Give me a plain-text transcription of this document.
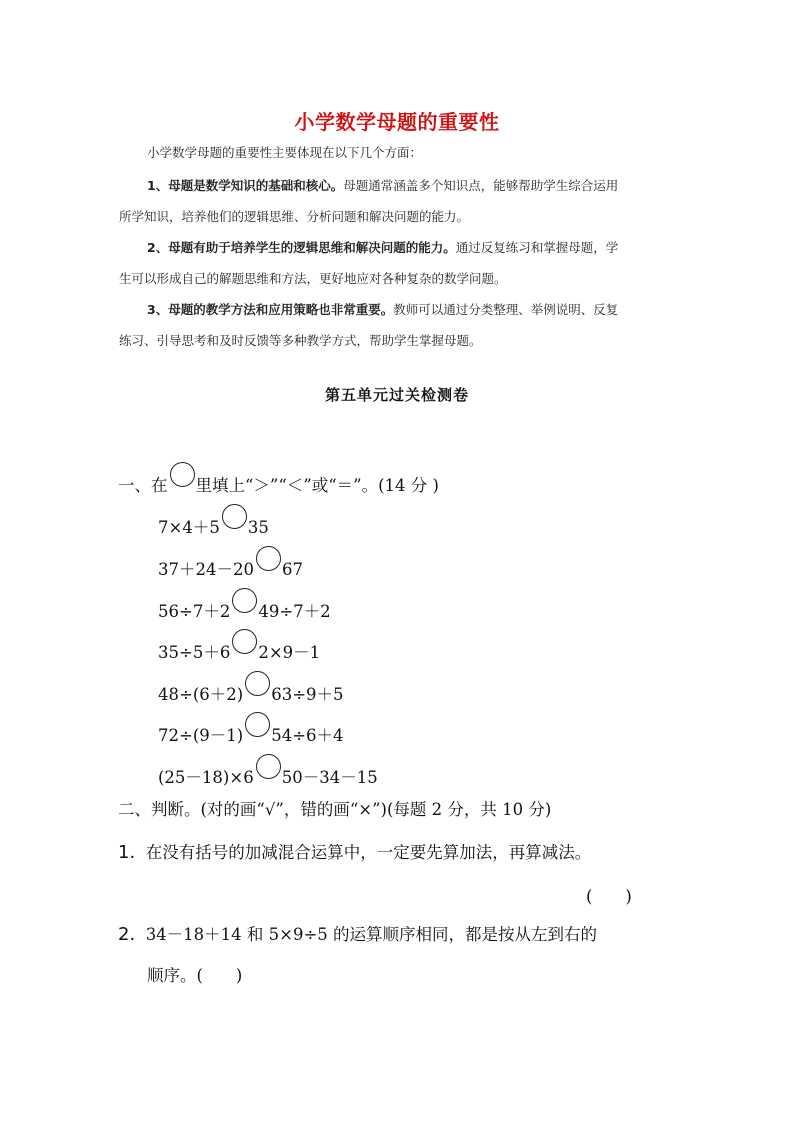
小学数学母题的重要性
小学数学母题的重要性主要体现在以下几个方面：
1、母题是数学知识的基础和核心。母题通常涵盖多个知识点，能够帮助学生综合运用
所学知识，培养他们的逻辑思维、分析问题和解决问题的能力。
2、母题有助于培养学生的逻辑思维和解决问题的能力。通过反复练习和掌握母题，学
生可以形成自己的解题思维和方法，更好地应对各种复杂的数学问题。
3、母题的教学方法和应用策略也非常重要。教师可以通过分类整理、举例说明、反复
练习、引导思考和及时反馈等多种教学方式，帮助学生掌握母题。
第五单元过关检测卷
一、在 里填上“＞”“＜”或“＝”。(14 分 )
7×4＋5 35
37＋24－20 67
56÷7＋2 49÷7＋2
35÷5＋6 2×9－1
48÷(6＋2) 63÷9＋5
72÷(9－1) 54÷6＋4
(25－18)×6 50－34－15
二、判断。(对的画“√”，错的画“×”)(每题 2 分，共 10 分)
1. 在没有括号的加减混合运算中，一定要先算加法，再算减法。
(　　)
2. 34－18＋14 和 5×9÷5 的运算顺序相同，都是按从左到右的
顺序。(　　)
